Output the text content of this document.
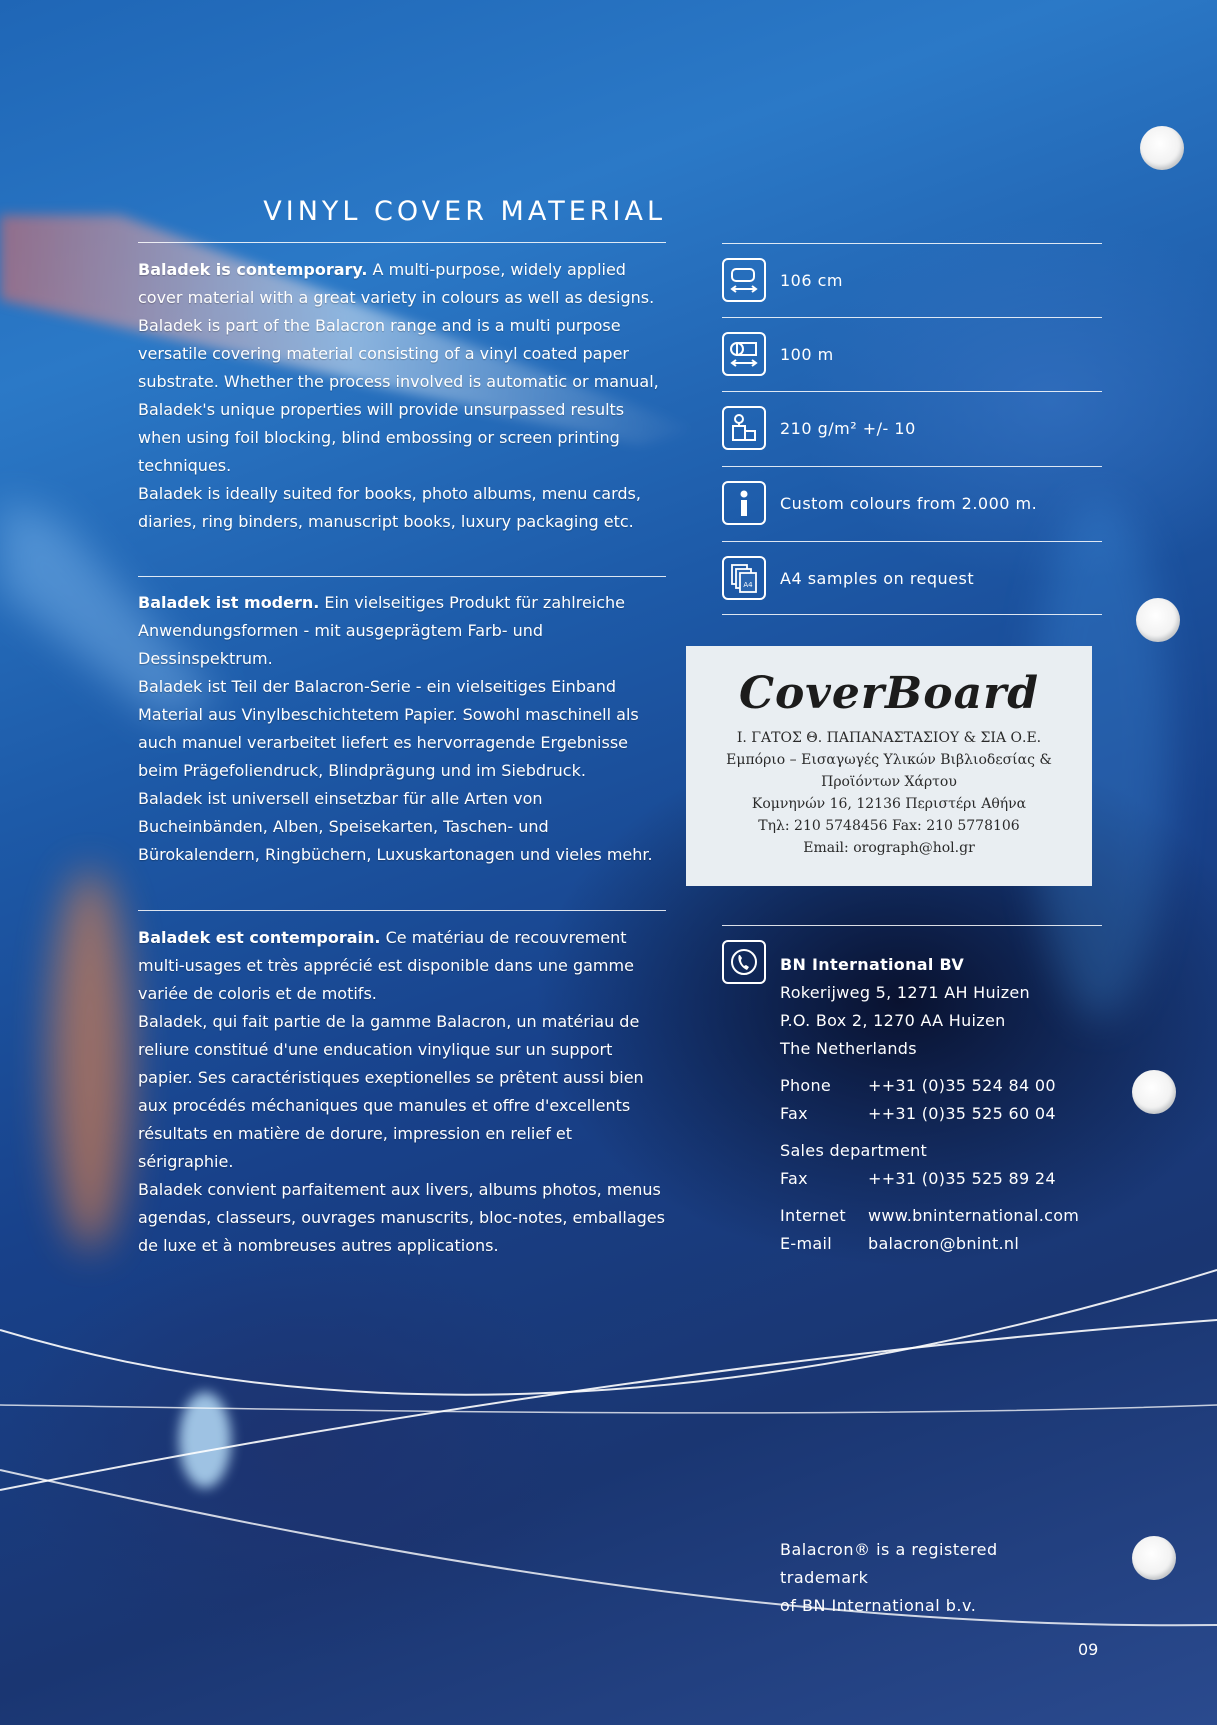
VINYL COVER MATERIAL

Baladek is contemporary. A multi-purpose, widely applied cover material with a great variety in colours as well as designs.

Baladek is part of the Balacron range and is a multi purpose versatile covering material consisting of a vinyl coated paper substrate. Whether the process involved is automatic or manual, Baladek's unique properties will provide unsurpassed results when using foil blocking, blind embossing or screen printing techniques.

Baladek is ideally suited for books, photo albums, menu cards, diaries, ring binders, manuscript books, luxury packaging etc.

Baladek ist modern. Ein vielseitiges Produkt für zahlreiche Anwendungsformen - mit ausgeprägtem Farb- und Dessinspektrum.

Baladek ist Teil der Balacron-Serie - ein vielseitiges Einband Material aus Vinylbeschichtetem Papier. Sowohl maschinell als auch manuel verarbeitet liefert es hervorragende Ergebnisse beim Prägefoliendruck, Blindprägung und im Siebdruck.

Baladek ist universell einsetzbar für alle Arten von Bucheinbänden, Alben, Speisekarten, Taschen- und Bürokalendern, Ringbüchern, Luxuskartonagen und vieles mehr.

Baladek est contemporain. Ce matériau de recouvrement multi-usages et très apprécié est disponible dans une gamme variée de coloris et de motifs.

Baladek, qui fait partie de la gamme Balacron, un matériau de reliure constitué d'une enducation vinylique sur un support papier. Ses caractéristiques exeptionelles se prêtent aussi bien aux procédés méchaniques que manules et offre d'excellents résultats en matière de dorure, impression en relief et sérigraphie.

Baladek convient parfaitement aux livers, albums photos, menus agendas, classeurs, ouvrages manuscrits, bloc-notes, emballages de luxe et à nombreuses autres applications.

106 cm
100 m
210 g/m² +/- 10
Custom colours from 2.000 m.
A4 A4 samples on request
CoverBoard
Ι. ΓΑΤΟΣ Θ. ΠΑΠΑΝΑΣΤΑΣΙΟΥ & ΣΙΑ Ο.Ε.
Εμπόριο – Εισαγωγές Υλικών Βιβλιοδεσίας &
Προϊόντων Χάρτου
Κομνηνών 16, 12136 Περιστέρι Αθήνα
Τηλ: 210 5748456 Fax: 210 5778106
Email: orograph@hol.gr
BN International BV
Rokerijweg 5, 1271 AH Huizen
P.O. Box 2, 1270 AA Huizen
The Netherlands
Phone	++31 (0)35 524 84 00
Fax	++31 (0)35 525 60 04
Sales department
Fax	++31 (0)35 525 89 24
Internet	www.bninternational.com
E-mail	balacron@bnint.nl
Balacron® is a registered trademark
of BN International b.v.
09
